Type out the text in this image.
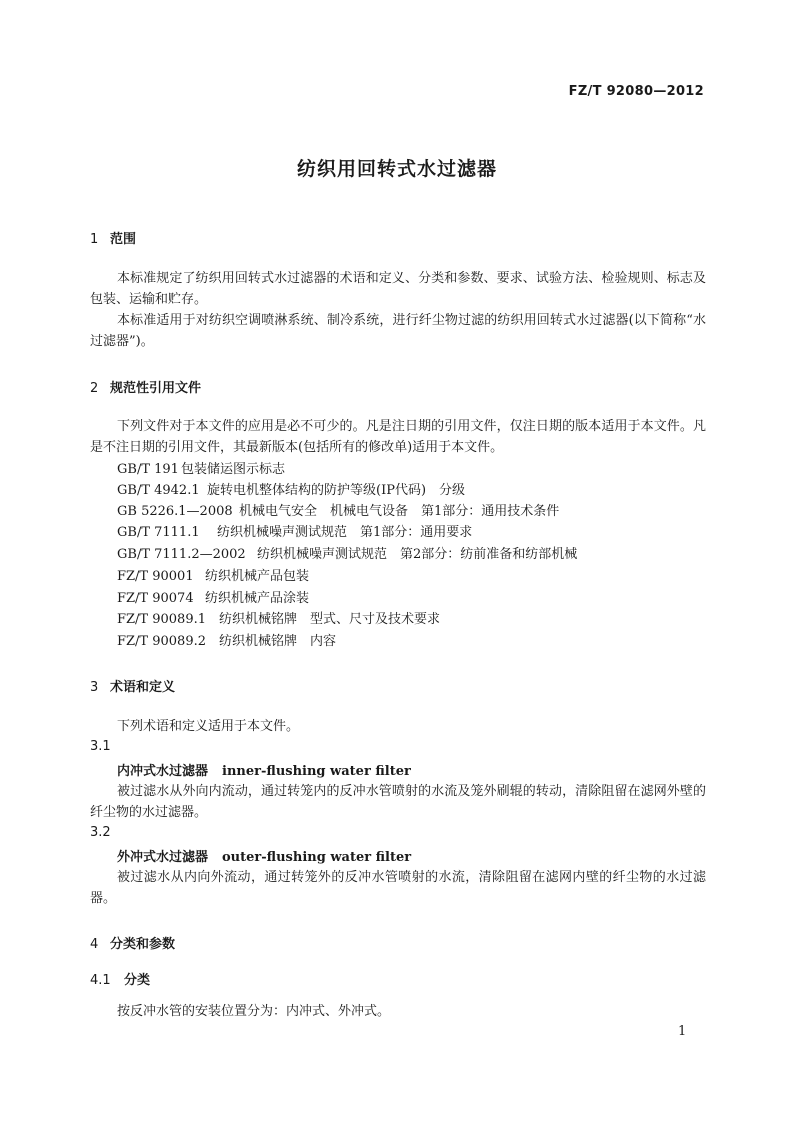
FZ/T 92080—2012
纺织用回转式水过滤器
1 范围
本标准规定了纺织用回转式水过滤器的术语和定义、分类和参数、要求、试验方法、检验规则、标志及包装、运输和贮存。
本标准适用于对纺织空调喷淋系统、制冷系统，进行纤尘物过滤的纺织用回转式水过滤器(以下简称“水过滤器”)。
2 规范性引用文件
下列文件对于本文件的应用是必不可少的。凡是注日期的引用文件，仅注日期的版本适用于本文件。凡是不注日期的引用文件，其最新版本(包括所有的修改单)适用于本文件。
GB/T 191 包装储运图示标志
GB/T 4942.1 旋转电机整体结构的防护等级(IP代码)　分级
GB 5226.1—2008 机械电气安全　机械电气设备　第1部分：通用技术条件
GB/T 7111.1 纺织机械噪声测试规范　第1部分：通用要求
GB/T 7111.2—2002 纺织机械噪声测试规范　第2部分：纺前准备和纺部机械
FZ/T 90001 纺织机械产品包装
FZ/T 90074 纺织机械产品涂装
FZ/T 90089.1 纺织机械铭牌　型式、尺寸及技术要求
FZ/T 90089.2 纺织机械铭牌　内容
3 术语和定义
下列术语和定义适用于本文件。
3.1
内冲式水过滤器 inner-flushing water filter
被过滤水从外向内流动，通过转笼内的反冲水管喷射的水流及笼外刷辊的转动，清除阻留在滤网外壁的纤尘物的水过滤器。
3.2
外冲式水过滤器 outer-flushing water filter
被过滤水从内向外流动，通过转笼外的反冲水管喷射的水流，清除阻留在滤网内壁的纤尘物的水过滤器。
4 分类和参数
4.1 分类
按反冲水管的安装位置分为：内冲式、外冲式。
1
